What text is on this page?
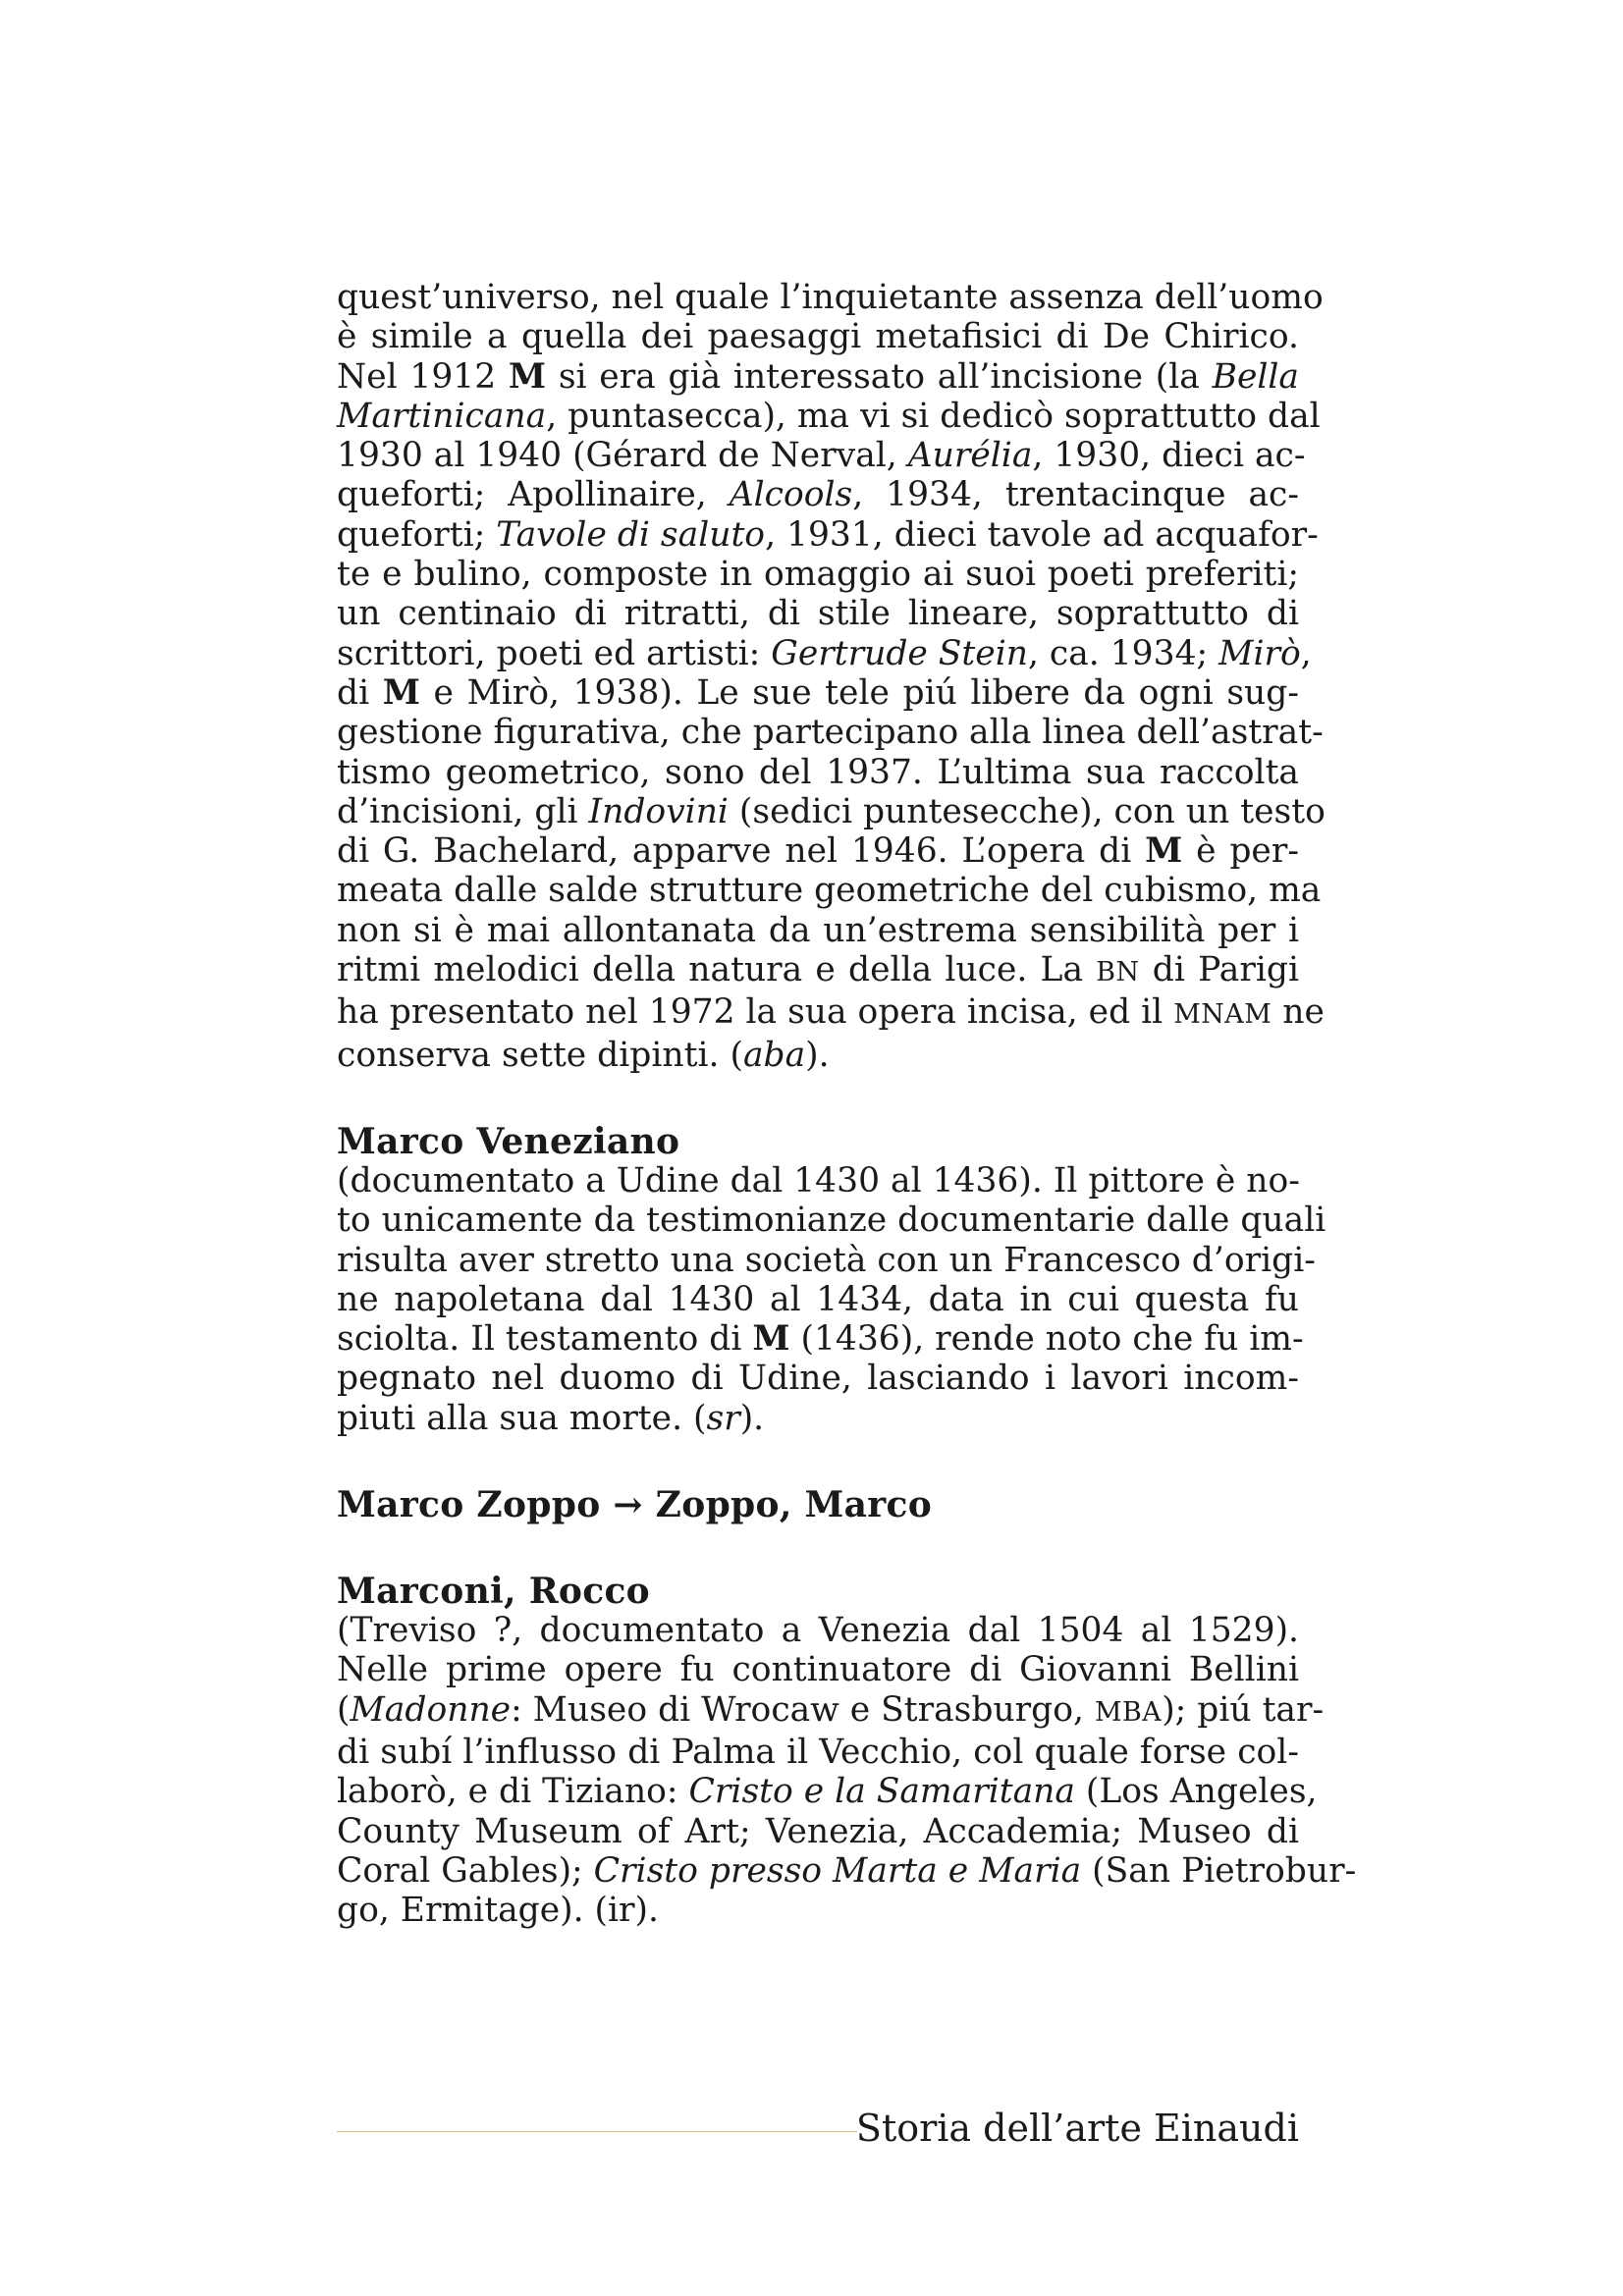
quest’universo, nel quale l’inquietante assenza dell’uomo
è simile a quella dei paesaggi metafisici di De Chirico.
Nel 1912 M si era già interessato all’incisione (la Bella
Martinicana, puntasecca), ma vi si dedicò soprattutto dal
1930 al 1940 (Gérard de Nerval, Aurélia, 1930, dieci ac-
queforti; Apollinaire, Alcools, 1934, trentacinque ac-
queforti; Tavole di saluto, 1931, dieci tavole ad acquafor-
te e bulino, composte in omaggio ai suoi poeti preferiti;
un centinaio di ritratti, di stile lineare, soprattutto di
scrittori, poeti ed artisti: Gertrude Stein, ca. 1934; Mirò,
di M e Mirò, 1938). Le sue tele piú libere da ogni sug-
gestione figurativa, che partecipano alla linea dell’astrat-
tismo geometrico, sono del 1937. L’ultima sua raccolta
d’incisioni, gli Indovini (sedici puntesecche), con un testo
di G. Bachelard, apparve nel 1946. L’opera di M è per-
meata dalle salde strutture geometriche del cubismo, ma
non si è mai allontanata da un’estrema sensibilità per i
ritmi melodici della natura e della luce. La BN di Parigi
ha presentato nel 1972 la sua opera incisa, ed il MNAM ne
conserva sette dipinti. (aba).

Marco Veneziano

(documentato a Udine dal 1430 al 1436). Il pittore è no-
to unicamente da testimonianze documentarie dalle quali
risulta aver stretto una società con un Francesco d’origi-
ne napoletana dal 1430 al 1434, data in cui questa fu
sciolta. Il testamento di M (1436), rende noto che fu im-
pegnato nel duomo di Udine, lasciando i lavori incom-
piuti alla sua morte. (sr).

Marco Zoppo → Zoppo, Marco
Marconi, Rocco

(Treviso ?, documentato a Venezia dal 1504 al 1529).
Nelle prime opere fu continuatore di Giovanni Bellini
(Madonne: Museo di Wrocaw e Strasburgo, MBA); piú tar-
di subí l’influsso di Palma il Vecchio, col quale forse col-
laborò, e di Tiziano: Cristo e la Samaritana (Los Angeles,
County Museum of Art; Venezia, Accademia; Museo di
Coral Gables); Cristo presso Marta e Maria (San Pietrobur-
go, Ermitage). (ir).

Storia dell’arte Einaudi
